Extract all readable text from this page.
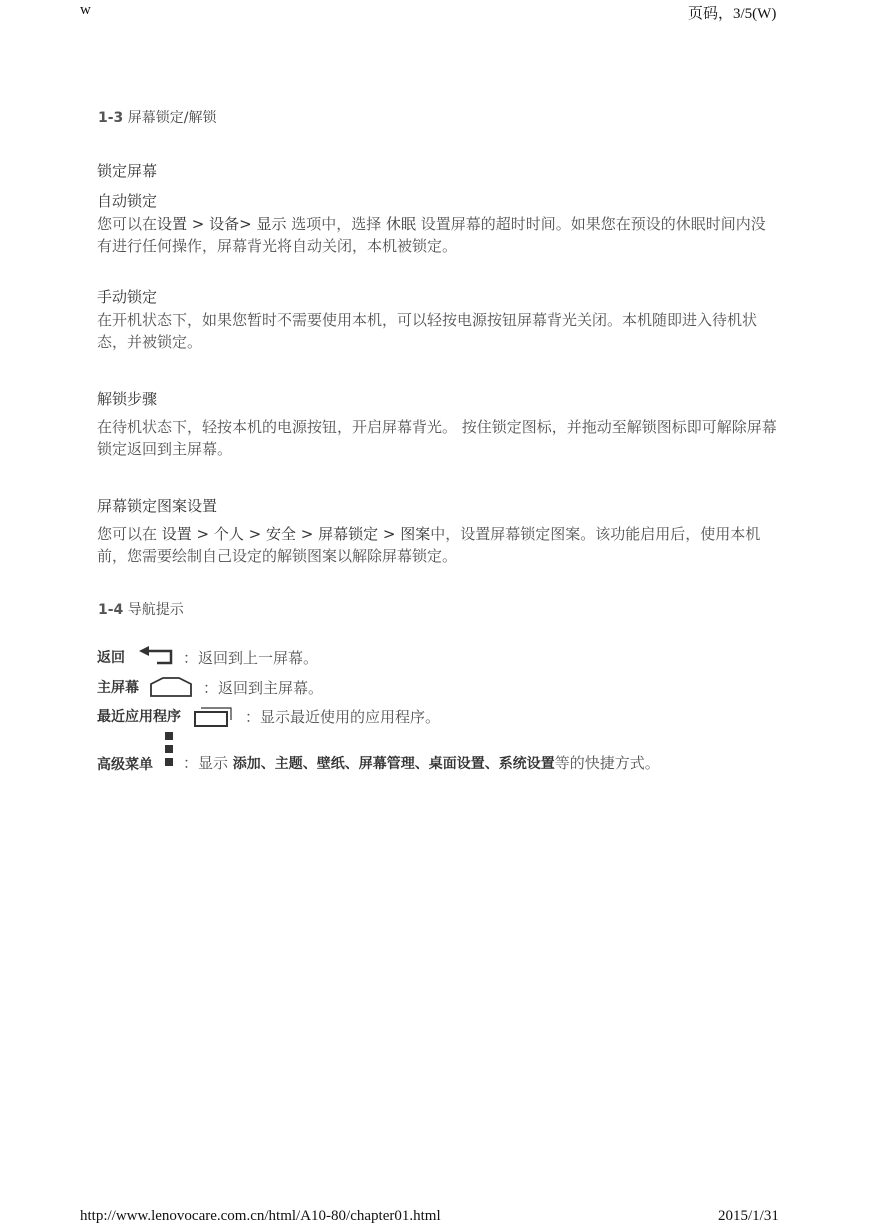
w	页码，3/5(W)
1-3 屏幕锁定/解锁
锁定屏幕
自动锁定
您可以在设置 > 设备> 显示 选项中，选择 休眠 设置屏幕的超时时间。如果您在预设的休眠时间内没有进行任何操作，屏幕背光将自动关闭，本机被锁定。
手动锁定
在开机状态下，如果您暂时不需要使用本机，可以轻按电源按钮屏幕背光关闭。本机随即进入待机状态，并被锁定。
解锁步骤
在待机状态下，轻按本机的电源按钮，开启屏幕背光。 按住锁定图标，并拖动至解锁图标即可解除屏幕锁定返回到主屏幕。
屏幕锁定图案设置
您可以在 设置 > 个人 > 安全 > 屏幕锁定 > 图案中，设置屏幕锁定图案。该功能启用后，使用本机前，您需要绘制自己设定的解锁图案以解除屏幕锁定。
1-4 导航提示
返回	：返回到上一屏幕。
主屏幕	：返回到主屏幕。
最近应用程序	：显示最近使用的应用程序。
高级菜单 ：显示 添加、主题、壁纸、屏幕管理、桌面设置、系统设置等的快捷方式。
http://www.lenovocare.com.cn/html/A10-80/chapter01.html	2015/1/31
